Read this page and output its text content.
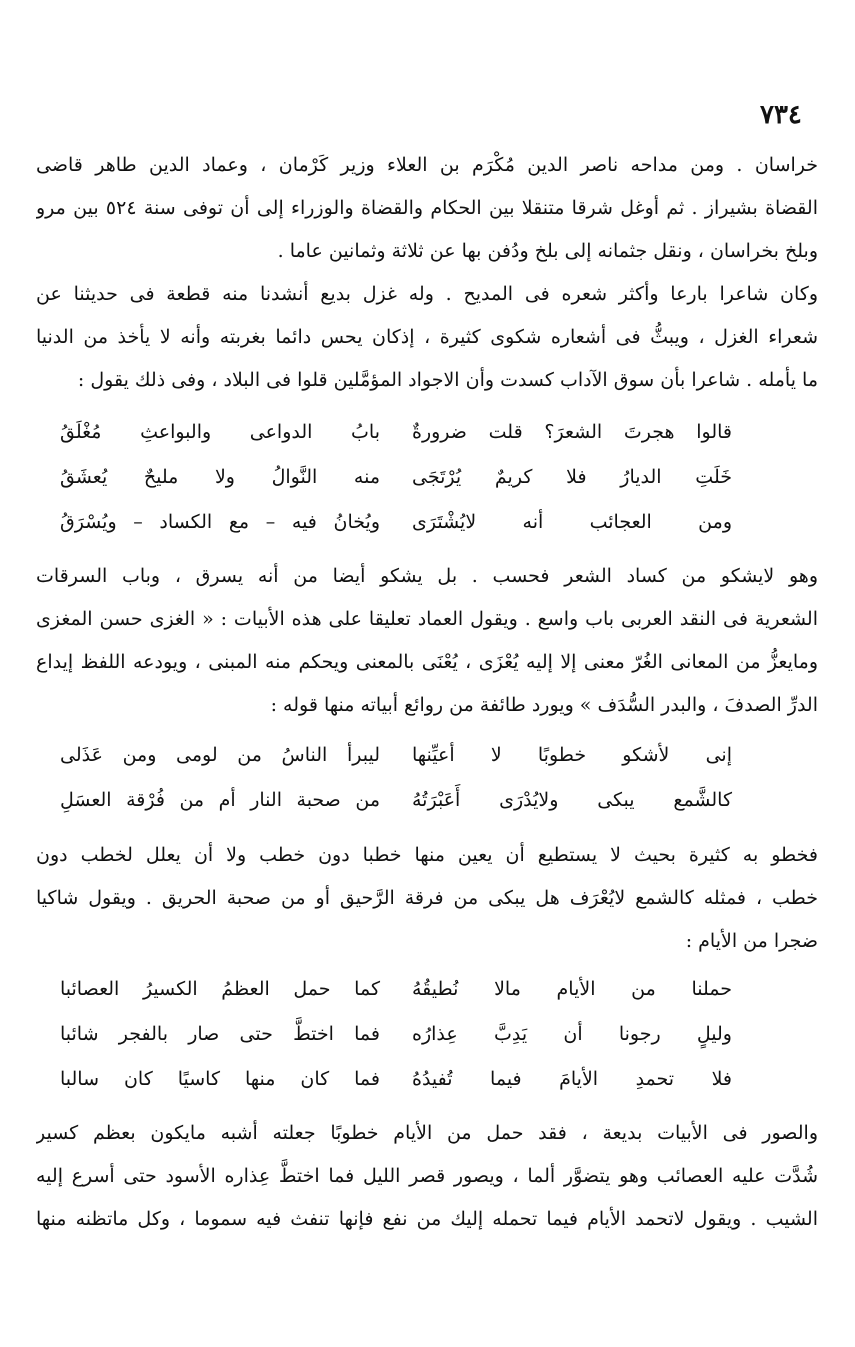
٧٣٤
خراسان . ومن مداحه ناصر الدين مُكْرَم بن العلاء وزير كَرْمان ، وعماد الدين طاهر قاضى
القضاة بشيراز . ثم أوغل شرقا متنقلا بين الحكام والقضاة والوزراء إلى أن توفى سنة ٥٢٤ بين مرو
وبلخ بخراسان ، ونقل جثمانه إلى بلخ ودُفن بها عن ثلاثة وثمانين عاما .
وكان شاعرا بارعا وأكثر شعره فى المديح . وله غزل بديع أنشدنا منه قطعة فى حديثنا عن
شعراء الغزل ، ويبثُّ فى أشعاره شكوى كثيرة ، إذكان يحس دائما بغربته وأنه لا يأخذ من الدنيا
ما يأمله . شاعرا بأن سوق الآداب كسدت وأن الاجواد المؤمَّلين قلوا فى البلاد ، وفى ذلك يقول :
قالوا هجرتَ الشعرَ؟ قلت ضرورةٌ
بابُ الدواعى والبواعثِ مُغْلَقُ
خَلَتِ الديارُ فلا كريمٌ يُرْتَجَى
منه النَّوالُ ولا مليحٌ يُعشَقُ
ومن العجائب أنه لايُشْتَرَى
ويُخانُ فيه – مع الكساد – ويُسْرَقُ
وهو لايشكو من كساد الشعر فحسب . بل يشكو أيضا من أنه يسرق ، وباب السرقات
الشعرية فى النقد العربى باب واسع . ويقول العماد تعليقا على هذه الأبيات : « الغزى حسن المغزى
ومايعزُّ من المعانى الغُرّ معنى إلا إليه يُعْزَى ، يُعْنَى بالمعنى ويحكم منه المبنى ، ويودعه اللفظ إيداع
الدرِّ الصدفَ ، والبدر السُّدَف » ويورد طائفة من روائع أبياته منها قوله :
إنى لأشكو خطوبًا لا أعيِّنها
ليبرأ الناسُ من لومى ومن عَذَلى
كالشَّمع يبكى ولايُدْرَى أَعَبْرَتُهُ
من صحبة النار أم من فُرْقة العسَلِ
فخطو به كثيرة بحيث لا يستطيع أن يعين منها خطبا دون خطب ولا أن يعلل لخطب دون
خطب ، فمثله كالشمع لايُعْرَف هل يبكى من فرقة الرَّحيق أو من صحبة الحريق . ويقول شاكيا
ضجرا من الأيام :
حملنا من الأيام مالا نُطيقُهُ
كما حمل العظمُ الكسيرُ العصائبا
وليلٍ رجونا أن يَدِبَّ عِذارُه
فما اختطَّ حتى صار بالفجر شائبا
فلا تحمدِ الأيامَ فيما تُفيدُهُ
فما كان منها كاسيًا كان سالبا
والصور فى الأبيات بديعة ، فقد حمل من الأيام خطوبًا جعلته أشبه مايكون بعظم كسير
شُدَّت عليه العصائب وهو يتضوَّر ألما ، ويصور قصر الليل فما اختطَّ عِذاره الأسود حتى أسرع إليه
الشيب . ويقول لاتحمد الأيام فيما تحمله إليك من نفع فإنها تنفث فيه سموما ، وكل ماتظنه منها
